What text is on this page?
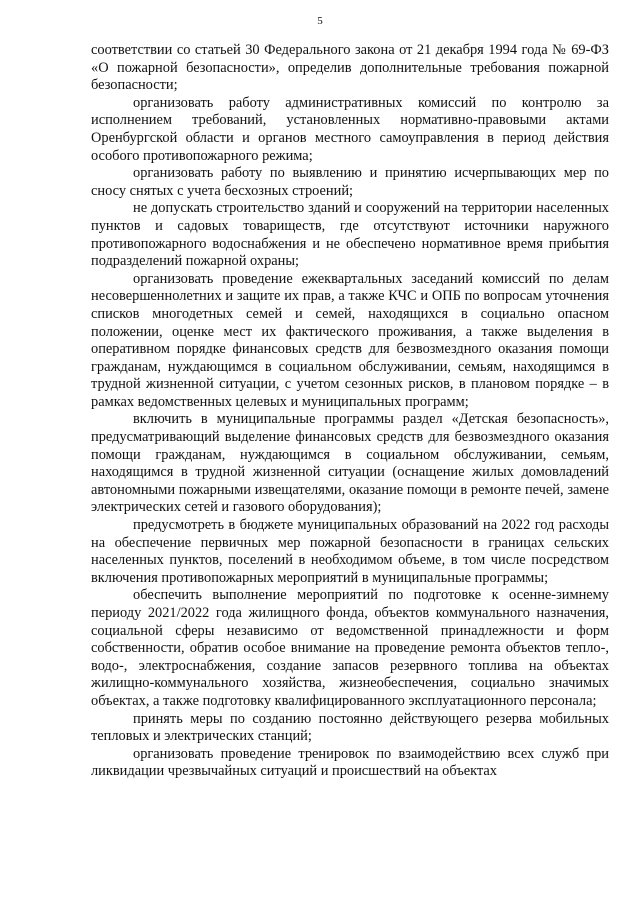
5

соответствии со статьей 30 Федерального закона от 21 декабря 1994 года № 69-ФЗ «О пожарной безопасности», определив дополнительные требования пожарной безопасности;

организовать работу административных комиссий по контролю за исполнением требований, установленных нормативно-правовыми актами Оренбургской области и органов местного самоуправления в период действия особого противопожарного режима;

организовать работу по выявлению и принятию исчерпывающих мер по сносу снятых с учета бесхозных строений;

не допускать строительство зданий и сооружений на территории населенных пунктов и садовых товариществ, где отсутствуют источники наружного противопожарного водоснабжения и не обеспечено нормативное время прибытия подразделений пожарной охраны;

организовать проведение ежеквартальных заседаний комиссий по делам несовершеннолетних и защите их прав, а также КЧС и ОПБ по вопросам уточнения списков многодетных семей и семей, находящихся в социально опасном положении, оценке мест их фактического проживания, а также выделения в оперативном порядке финансовых средств для безвозмездного оказания помощи гражданам, нуждающимся в социальном обслуживании, семьям, находящимся в трудной жизненной ситуации, с учетом сезонных рисков, в плановом порядке – в рамках ведомственных целевых и муниципальных программ;

включить в муниципальные программы раздел «Детская безопасность», предусматривающий выделение финансовых средств для безвозмездного оказания помощи гражданам, нуждающимся в социальном обслуживании, семьям, находящимся в трудной жизненной ситуации (оснащение жилых домовладений автономными пожарными извещателями, оказание помощи в ремонте печей, замене электрических сетей и газового оборудования);

предусмотреть в бюджете муниципальных образований на 2022 год расходы на обеспечение первичных мер пожарной безопасности в границах сельских населенных пунктов, поселений в необходимом объеме, в том числе посредством включения противопожарных мероприятий в муниципальные программы;

обеспечить выполнение мероприятий по подготовке к осенне-зимнему периоду 2021/2022 года жилищного фонда, объектов коммунального назначения, социальной сферы независимо от ведомственной принадлежности и форм собственности, обратив особое внимание на проведение ремонта объектов тепло-, водо-, электроснабжения, создание запасов резервного топлива на объектах жилищно-коммунального хозяйства, жизнеобеспечения, социально значимых объектах, а также подготовку квалифицированного эксплуатационного персонала;

принять меры по созданию постоянно действующего резерва мобильных тепловых и электрических станций;

организовать проведение тренировок по взаимодействию всех служб при ликвидации чрезвычайных ситуаций и происшествий на объектах
